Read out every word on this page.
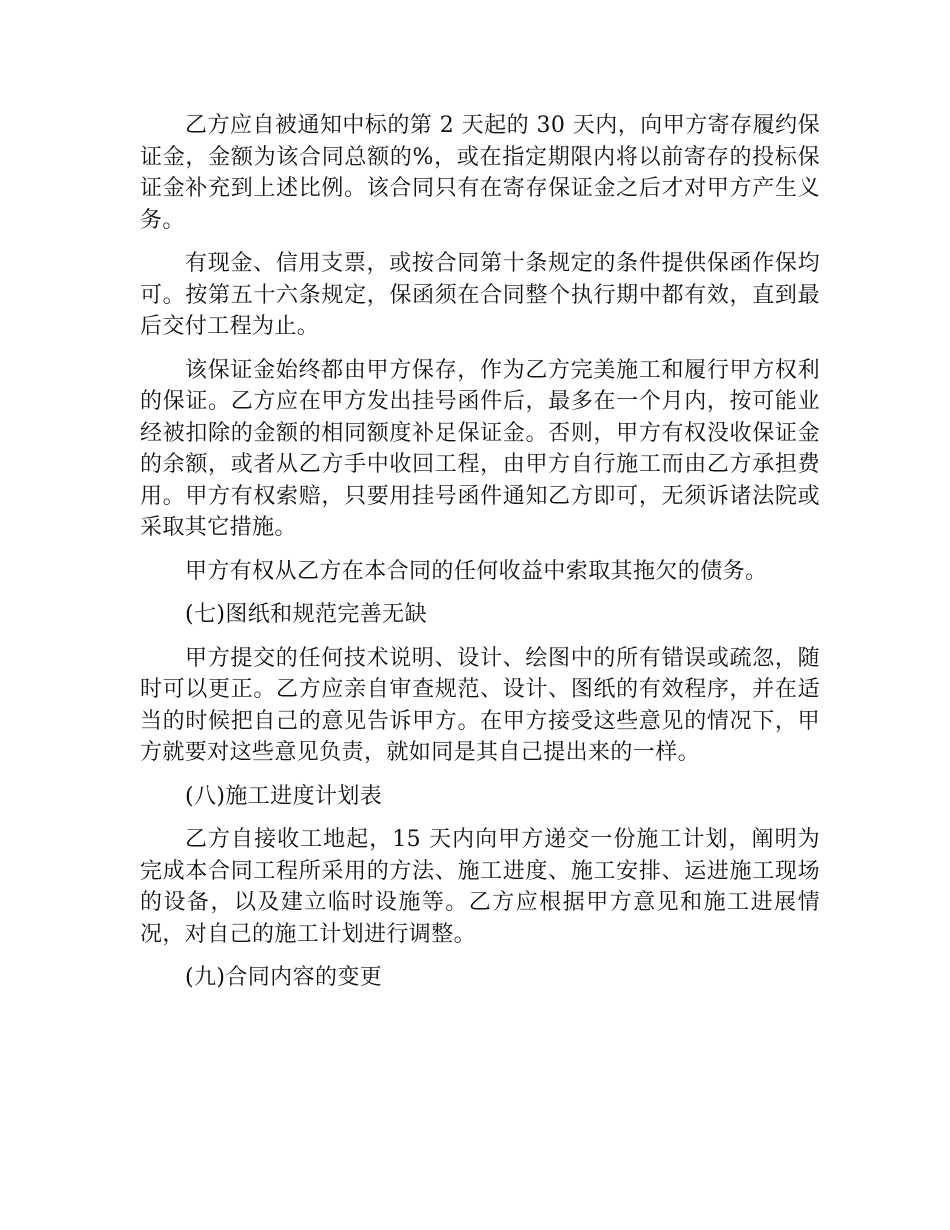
乙方应自被通知中标的第 2 天起的 30 天内，向甲方寄存履约保证金，金额为该合同总额的%，或在指定期限内将以前寄存的投标保证金补充到上述比例。该合同只有在寄存保证金之后才对甲方产生义务。

有现金、信用支票，或按合同第十条规定的条件提供保函作保均可。按第五十六条规定，保函须在合同整个执行期中都有效，直到最后交付工程为止。

该保证金始终都由甲方保存，作为乙方完美施工和履行甲方权利的保证。乙方应在甲方发出挂号函件后，最多在一个月内，按可能业经被扣除的金额的相同额度补足保证金。否则，甲方有权没收保证金的余额，或者从乙方手中收回工程，由甲方自行施工而由乙方承担费用。甲方有权索赔，只要用挂号函件通知乙方即可，无须诉诸法院或采取其它措施。

甲方有权从乙方在本合同的任何收益中索取其拖欠的债务。

(七)图纸和规范完善无缺

甲方提交的任何技术说明、设计、绘图中的所有错误或疏忽，随时可以更正。乙方应亲自审查规范、设计、图纸的有效程序，并在适当的时候把自己的意见告诉甲方。在甲方接受这些意见的情况下，甲方就要对这些意见负责，就如同是其自己提出来的一样。

(八)施工进度计划表

乙方自接收工地起，15 天内向甲方递交一份施工计划，阐明为完成本合同工程所采用的方法、施工进度、施工安排、运进施工现场的设备，以及建立临时设施等。乙方应根据甲方意见和施工进展情况，对自己的施工计划进行调整。

(九)合同内容的变更
